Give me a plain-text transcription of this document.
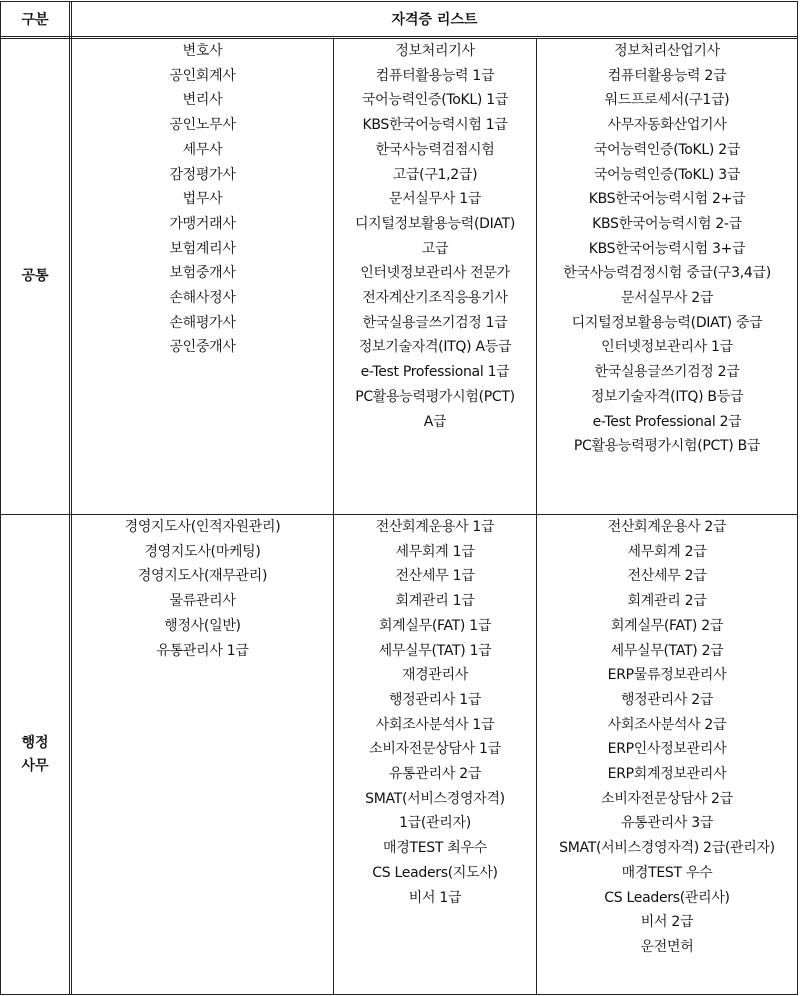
구분	자격증 리스트
공통
변호사
공인회계사
변리사
공인노무사
세무사
감정평가사
법무사
가맹거래사
보험계리사
보험중개사
손해사정사
손해평가사
공인중개사
정보처리기사
컴퓨터활용능력 1급
국어능력인증(ToKL) 1급
KBS한국어능력시험 1급
한국사능력검점시험
고급(구1,2급)
문서실무사 1급
디지털정보활용능력(DIAT)
고급
인터넷정보관리사 전문가
전자계산기조직응용기사
한국실용글쓰기검정 1급
정보기술자격(ITQ) A등급
e-Test Professional 1급
PC활용능력평가시험(PCT)
A급
정보처리산업기사
컴퓨터활용능력 2급
워드프로세서(구1급)
사무자동화산업기사
국어능력인증(ToKL) 2급
국어능력인증(ToKL) 3급
KBS한국어능력시험 2+급
KBS한국어능력시험 2-급
KBS한국어능력시험 3+급
한국사능력검정시험 중급(구3,4급)
문서실무사 2급
디지털정보활용능력(DIAT) 중급
인터넷정보관리사 1급
한국실용글쓰기검정 2급
정보기술자격(ITQ) B등급
e-Test Professional 2급
PC활용능력평가시험(PCT) B급
행정
사무
경영지도사(인적자원관리)
경영지도사(마케팅)
경영지도사(재무관리)
물류관리사
행정사(일반)
유통관리사 1급
전산회계운용사 1급
세무회계 1급
전산세무 1급
회계관리 1급
회계실무(FAT) 1급
세무실무(TAT) 1급
재경관리사
행정관리사 1급
사회조사분석사 1급
소비자전문상담사 1급
유통관리사 2급
SMAT(서비스경영자격)
1급(관리자)
매경TEST 최우수
CS Leaders(지도사)
비서 1급
전산회계운용사 2급
세무회계 2급
전산세무 2급
회계관리 2급
회계실무(FAT) 2급
세무실무(TAT) 2급
ERP물류정보관리사
행정관리사 2급
사회조사분석사 2급
ERP인사정보관리사
ERP회계정보관리사
소비자전문상담사 2급
유통관리사 3급
SMAT(서비스경영자격) 2급(관리자)
매경TEST 우수
CS Leaders(관리사)
비서 2급
운전면허
